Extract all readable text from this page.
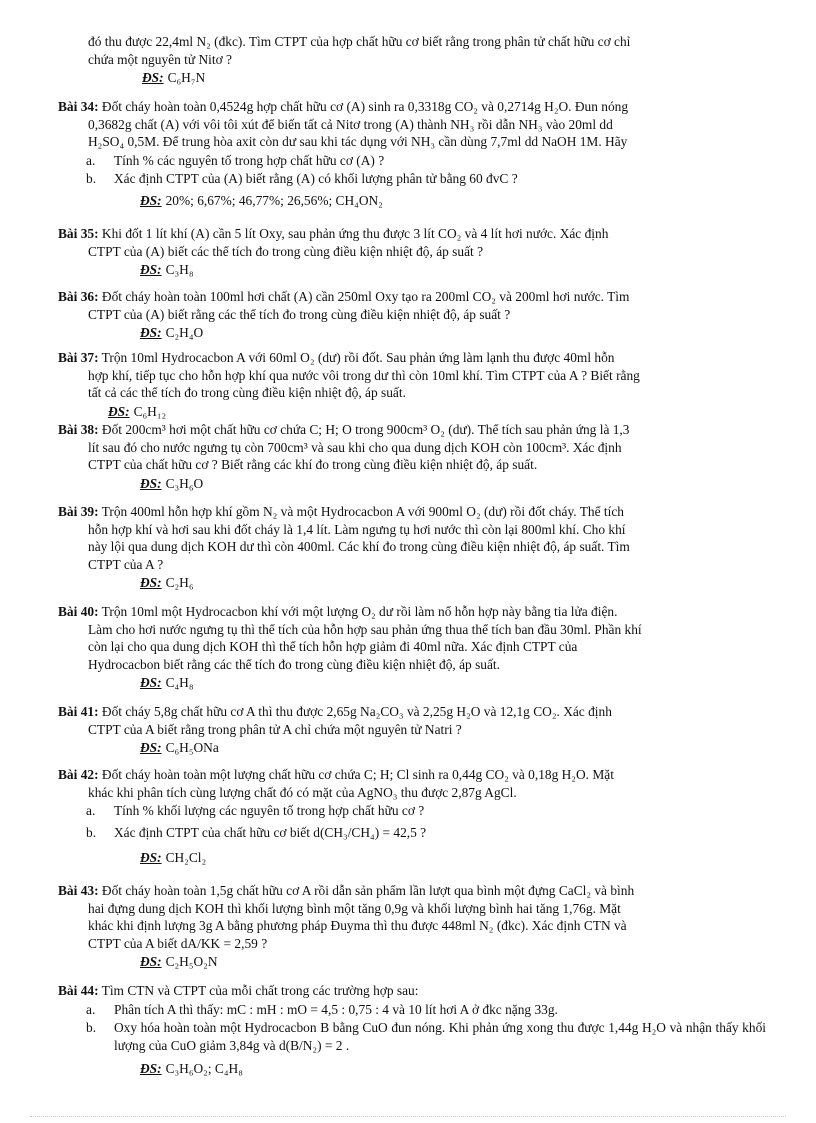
đó thu được 22,4ml N₂ (đkc). Tìm CTPT của hợp chất hữu cơ biết rằng trong phân tử chất hữu cơ chỉ
chứa một nguyên tử Nitơ ?
ĐS: C₆H₇N
Bài 34: Đốt cháy hoàn toàn 0,4524g hợp chất hữu cơ (A) sinh ra 0,3318g CO₂ và 0,2714g H₂O. Đun nóng
0,3682g chất (A) với vôi tôi xút để biến tất cả Nitơ trong (A) thành NH₃ rồi dẫn NH₃ vào 20ml dd
H₂SO₄ 0,5M. Để trung hòa axit còn dư sau khi tác dụng với NH₃ cần dùng 7,7ml dd NaOH 1M. Hãy
a. Tính % các nguyên tố trong hợp chất hữu cơ (A) ?
b. Xác định CTPT của (A) biết rằng (A) có khối lượng phân tử bằng 60 đvC ?
ĐS: 20%; 6,67%; 46,77%; 26,56%; CH₄ON₂
Bài 35: Khi đốt 1 lít khí (A) cần 5 lít Oxy, sau phản ứng thu được 3 lít CO₂ và 4 lít hơi nước. Xác định
CTPT của (A) biết các thể tích đo trong cùng điều kiện nhiệt độ, áp suất ?
ĐS: C₃H₈
Bài 36: Đốt cháy hoàn toàn 100ml hơi chất (A) cần 250ml Oxy tạo ra 200ml CO₂ và 200ml hơi nước. Tìm
CTPT của (A) biết rằng các thể tích đo trong cùng điều kiện nhiệt độ, áp suất ?
ĐS: C₂H₄O
Bài 37: Trộn 10ml Hydrocacbon A với 60ml O₂ (dư) rồi đốt. Sau phản ứng làm lạnh thu được 40ml hỗn
hợp khí, tiếp tục cho hỗn hợp khí qua nước vôi trong dư thì còn 10ml khí. Tìm CTPT của A ? Biết rằng
tất cả các thể tích đo trong cùng điều kiện nhiệt độ, áp suất.
ĐS: C₆H₁₂
Bài 38: Đốt 200cm³ hơi một chất hữu cơ chứa C; H; O trong 900cm³ O₂ (dư). Thể tích sau phản ứng là 1,3
lít sau đó cho nước ngưng tụ còn 700cm³ và sau khi cho qua dung dịch KOH còn 100cm³. Xác định
CTPT của chất hữu cơ ? Biết rằng các khí đo trong cùng điều kiện nhiệt độ, áp suất.
ĐS: C₃H₆O
Bài 39: Trộn 400ml hỗn hợp khí gồm N₂ và một Hydrocacbon A với 900ml O₂ (dư) rồi đốt cháy. Thể tích
hỗn hợp khí và hơi sau khi đốt cháy là 1,4 lít. Làm ngưng tụ hơi nước thì còn lại 800ml khí. Cho khí
này lội qua dung dịch KOH dư thì còn 400ml. Các khí đo trong cùng điều kiện nhiệt độ, áp suất. Tìm
CTPT của A ?
ĐS: C₂H₆
Bài 40: Trộn 10ml một Hydrocacbon khí với một lượng O₂ dư rồi làm nổ hỗn hợp này bằng tia lửa điện.
Làm cho hơi nước ngưng tụ thì thể tích của hỗn hợp sau phản ứng thua thể tích ban đầu 30ml. Phần khí
còn lại cho qua dung dịch KOH thì thể tích hỗn hợp giảm đi 40ml nữa. Xác định CTPT của
Hydrocacbon biết rằng các thể tích đo trong cùng điều kiện nhiệt độ, áp suất.
ĐS: C₄H₈
Bài 41: Đốt cháy 5,8g chất hữu cơ A thì thu được 2,65g Na₂CO₃ và 2,25g H₂O và 12,1g CO₂. Xác định
CTPT của A biết rằng trong phân tử A chỉ chứa một nguyên tử Natri ?
ĐS: C₆H₅ONa
Bài 42: Đốt cháy hoàn toàn một lượng chất hữu cơ chứa C; H; Cl sinh ra 0,44g CO₂ và 0,18g H₂O. Mặt
khác khi phân tích cùng lượng chất đó có mặt của AgNO₃ thu được 2,87g AgCl.
a. Tính % khối lượng các nguyên tố trong hợp chất hữu cơ ?
b. Xác định CTPT của chất hữu cơ biết d(CH₃/CH₄) = 42,5 ?
ĐS: CH₂Cl₂
Bài 43: Đốt cháy hoàn toàn 1,5g chất hữu cơ A rồi dẫn sản phẩm lần lượt qua bình một đựng CaCl₂ và bình
hai đựng dung dịch KOH thì khối lượng bình một tăng 0,9g và khối lượng bình hai tăng 1,76g. Mặt
khác khi định lượng 3g A bằng phương pháp Đuyma thì thu được 448ml N₂ (đkc). Xác định CTN và
CTPT của A biết dA/KK = 2,59 ?
ĐS: C₂H₅O₂N
Bài 44: Tìm CTN và CTPT của mỗi chất trong các trường hợp sau:
a. Phân tích A thì thấy: mC : mH : mO = 4,5 : 0,75 : 4 và 10 lít hơi A ở đkc nặng 33g.
b. Oxy hóa hoàn toàn một Hydrocacbon B bằng CuO đun nóng. Khi phản ứng xong thu được 1,44g H₂O và nhận thấy khối lượng của CuO giảm 3,84g và d(B/N₂) = 2 .
ĐS: C₃H₆O₂; C₄H₈
